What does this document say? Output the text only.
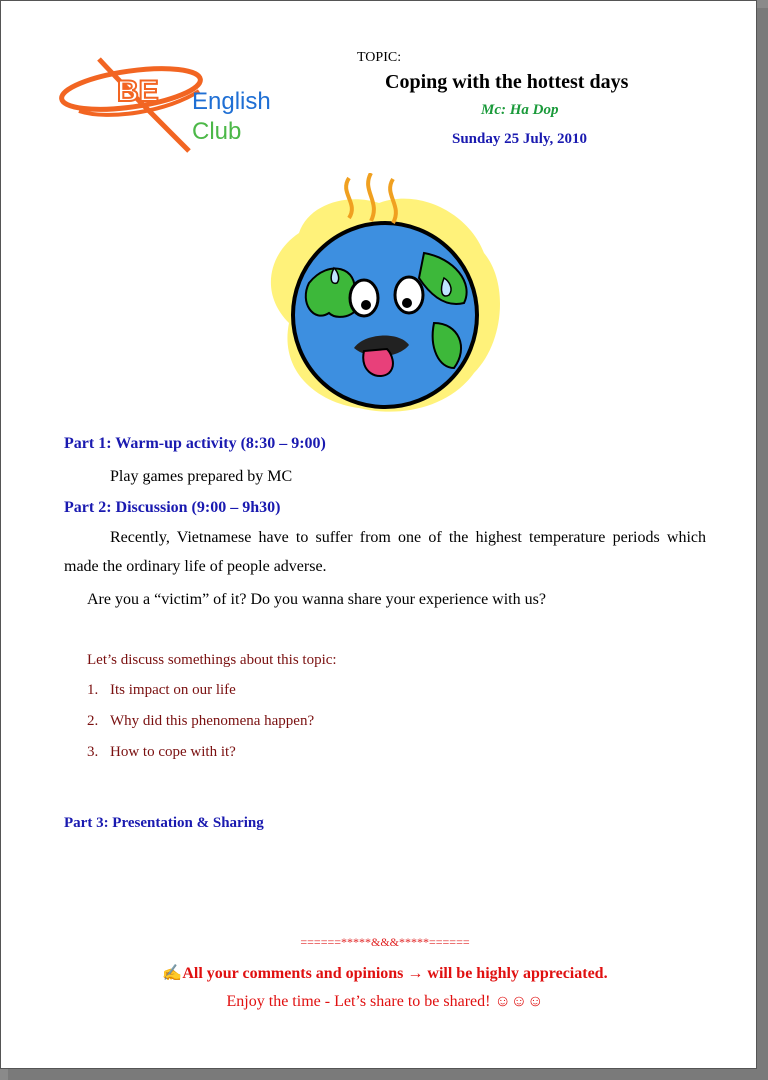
BE English
Club
TOPIC:
Coping with the hottest days
Mc: Ha Dop
Sunday 25 July, 2010
Part 1: Warm-up activity (8:30 – 9:00)
Play games prepared by MC
Part 2: Discussion (9:00 – 9h30)
Recently, Vietnamese have to suffer from one of the highest temperature periods which made the ordinary life of people adverse.
Are you a “victim” of it? Do you wanna share your experience with us?
Let’s discuss somethings about this topic:
1. Its impact on our life
2. Why did this phenomena happen?
3. How to cope with it?
Part 3: Presentation & Sharing
======*****&&&*****======
✍All your comments and opinions → will be highly appreciated.
Enjoy the time - Let’s share to be shared! ☺☺☺
